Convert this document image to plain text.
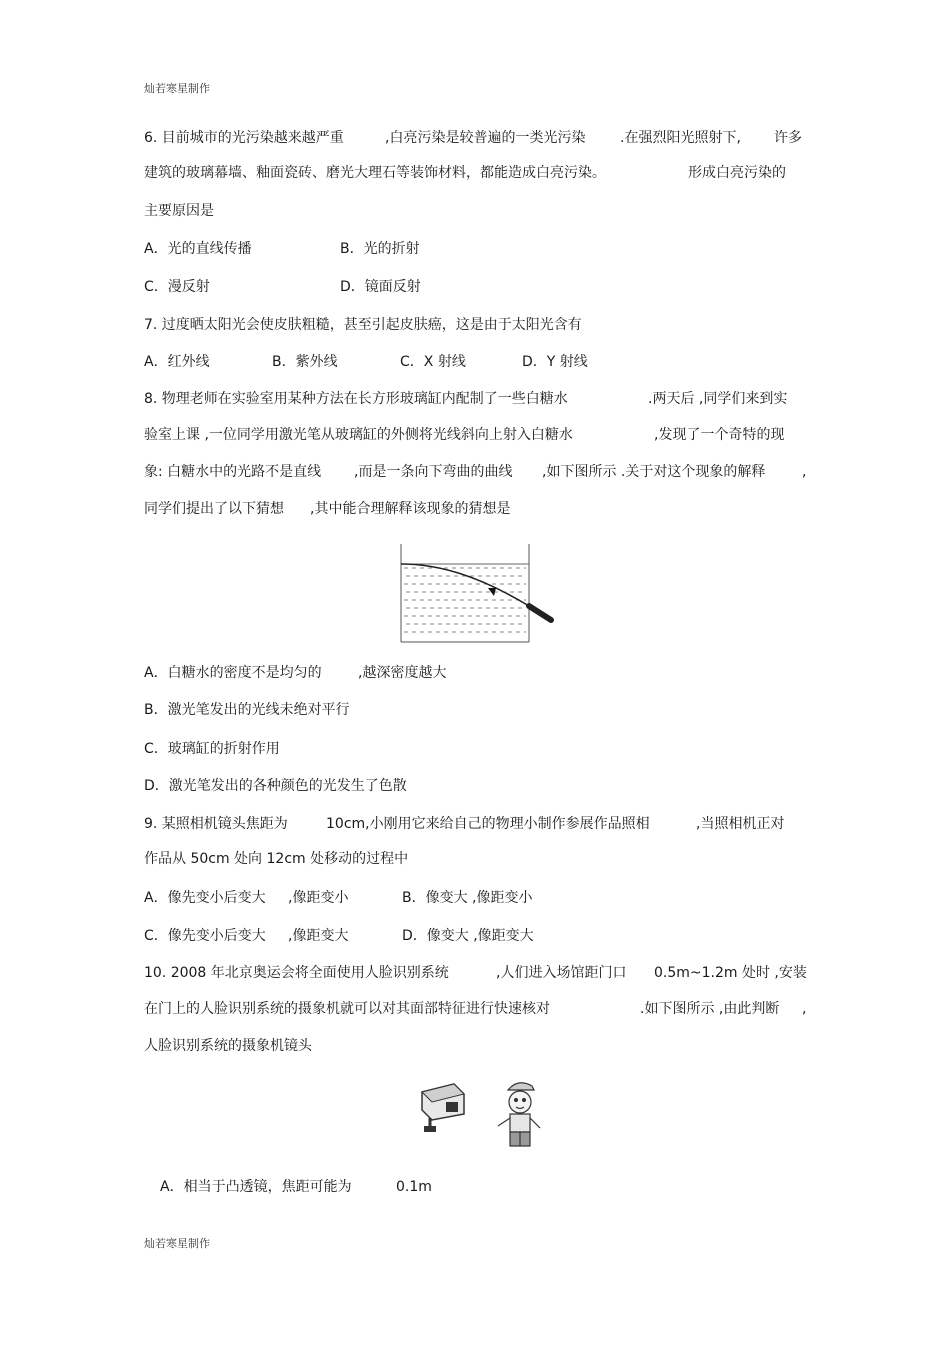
灿若寒星制作
灿若寒星制作
6. 目前城市的光污染越来越严重	,白亮污染是较普遍的一类光污染 .在强烈阳光照射下, 许多
建筑的玻璃幕墙、釉面瓷砖、磨光大理石等装饰材料，都能造成白亮污染。	形成白亮污染的
主要原因是
A．光的直线传播	B．光的折射
C．漫反射	D．镜面反射
7. 过度晒太阳光会使皮肤粗糙，甚至引起皮肤癌，这是由于太阳光含有
A．红外线	B．紫外线	C．X 射线	D．Y 射线
8. 物理老师在实验室用某种方法在长方形玻璃缸内配制了一些白糖水	.两天后 ,同学们来到实
验室上课 ,一位同学用激光笔从玻璃缸的外侧将光线斜向上射入白糖水	,发现了一个奇特的现
象: 白糖水中的光路不是直线 ,而是一条向下弯曲的曲线 ,如下图所示 .关于对这个现象的解释	,
同学们提出了以下猜想 ,其中能合理解释该现象的猜想是
A．白糖水的密度不是均匀的	,越深密度越大
B．激光笔发出的光线未绝对平行
C．玻璃缸的折射作用
D．激光笔发出的各种颜色的光发生了色散
9. 某照相机镜头焦距为	10cm,小刚用它来给自己的物理小制作参展作品照相	,当照相机正对
作品从 50cm 处向 12cm 处移动的过程中
A．像先变小后变大 ,像距变小	B．像变大 ,像距变小
C．像先变小后变大 ,像距变大	D．像变大 ,像距变大
10. 2008 年北京奥运会将全面使用人脸识别系统	,人们进入场馆距门口 0.5m~1.2m 处时 ,安装
在门上的人脸识别系统的摄象机就可以对其面部特征进行快速核对	.如下图所示 ,由此判断 ,
人脸识别系统的摄象机镜头
A．相当于凸透镜，焦距可能为	0.1m
